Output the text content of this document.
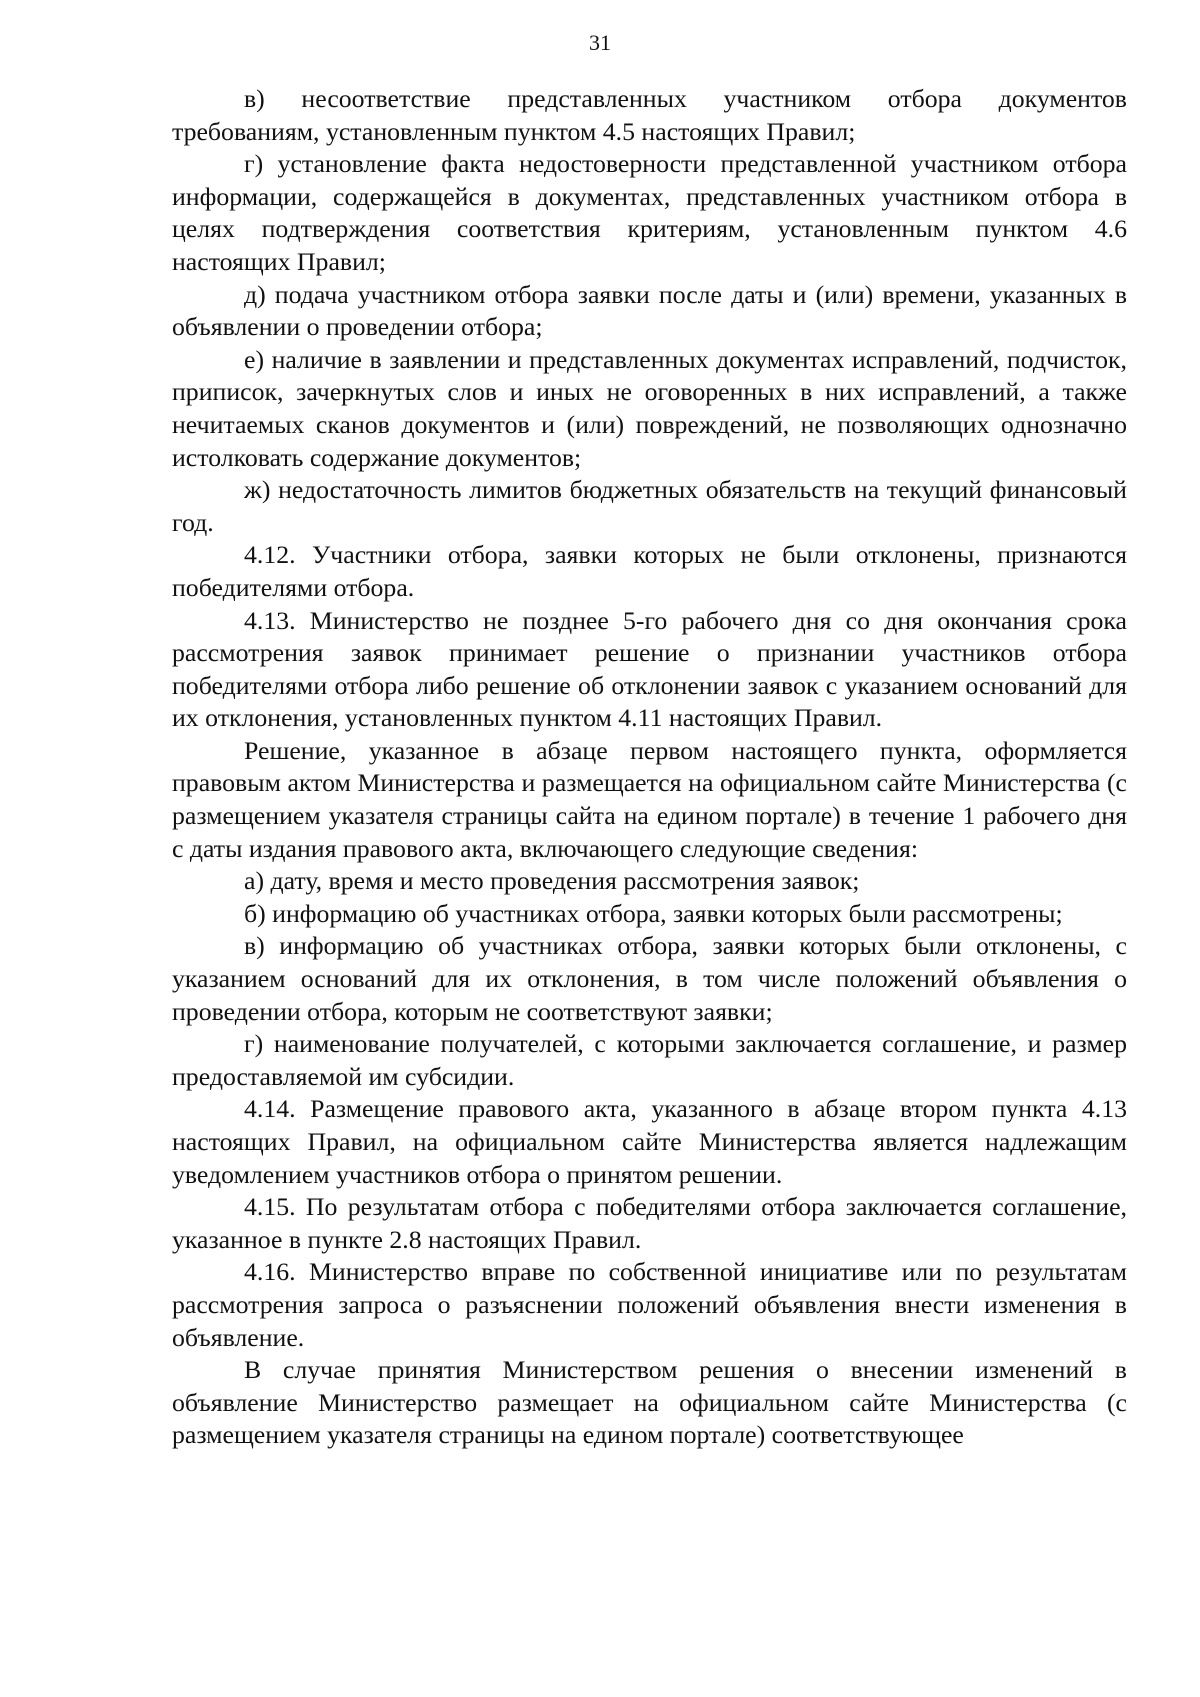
31

в) несоответствие представленных участником отбора документов требованиям, установленным пунктом 4.5 настоящих Правил;

г) установление факта недостоверности представленной участником отбора информации, содержащейся в документах, представленных участником отбора в целях подтверждения соответствия критериям, установленным пунктом 4.6 настоящих Правил;

д) подача участником отбора заявки после даты и (или) времени, указанных в объявлении о проведении отбора;

е) наличие в заявлении и представленных документах исправлений, подчисток, приписок, зачеркнутых слов и иных не оговоренных в них исправлений, а также нечитаемых сканов документов и (или) повреждений, не позволяющих однозначно истолковать содержание документов;

ж) недостаточность лимитов бюджетных обязательств на текущий финансовый год.

4.12. Участники отбора, заявки которых не были отклонены, признаются победителями отбора.

4.13. Министерство не позднее 5-го рабочего дня со дня окончания срока рассмотрения заявок принимает решение о признании участников отбора победителями отбора либо решение об отклонении заявок с указанием оснований для их отклонения, установленных пунктом 4.11 настоящих Правил.

Решение, указанное в абзаце первом настоящего пункта, оформляется правовым актом Министерства и размещается на официальном сайте Министерства (с размещением указателя страницы сайта на едином портале) в течение 1 рабочего дня с даты издания правового акта, включающего следующие сведения:

а) дату, время и место проведения рассмотрения заявок;

б) информацию об участниках отбора, заявки которых были рассмотрены;

в) информацию об участниках отбора, заявки которых были отклонены, с указанием оснований для их отклонения, в том числе положений объявления о проведении отбора, которым не соответствуют заявки;

г) наименование получателей, с которыми заключается соглашение, и размер предоставляемой им субсидии.

4.14. Размещение правового акта, указанного в абзаце втором пункта 4.13 настоящих Правил, на официальном сайте Министерства является надлежащим уведомлением участников отбора о принятом решении.

4.15. По результатам отбора с победителями отбора заключается соглашение, указанное в пункте 2.8 настоящих Правил.

4.16. Министерство вправе по собственной инициативе или по результатам рассмотрения запроса о разъяснении положений объявления внести изменения в объявление.

В случае принятия Министерством решения о внесении изменений в объявление Министерство размещает на официальном сайте Министерства (с размещением указателя страницы на едином портале) соответствующее
